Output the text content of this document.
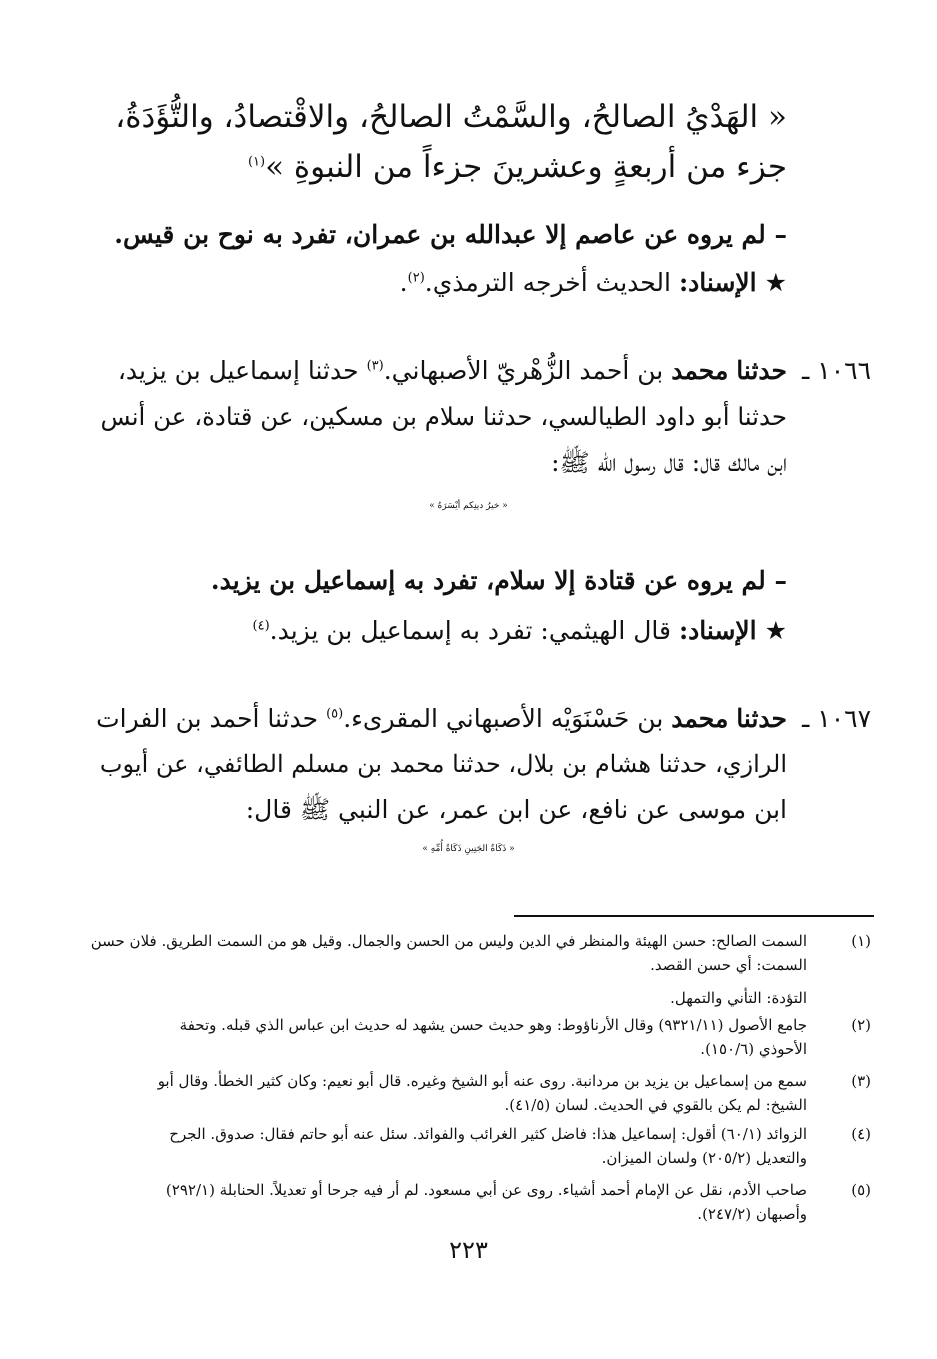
« الهَدْيُ الصالحُ، والسَّمْتُ الصالحُ، والاقْتصادُ، والتُّؤَدَةُ،
جزء من أربعةٍ وعشرينَ جزءاً من النبوةِ »$^{(١)}$
– لم يروه عن عاصم إلا عبدالله بن عمران، تفرد به نوح بن قيس.
★ الإسناد: الحديث أخرجه الترمذي.$^{(٢)}$.
١٠٦٦ ـ
حدثنا محمد بن أحمد الزُّهْريّ الأصبهاني.$^{(٣)}$ حدثنا إسماعيل بن يزيد،
حدثنا أبو داود الطيالسي، حدثنا سلام بن مسكين، عن قتادة، عن أنس
ابن مالك قال: قال رسول الله ﷺ:
« خيرُ دينِكم أيْسَرَهُ »
– لم يروه عن قتادة إلا سلام، تفرد به إسماعيل بن يزيد.
★ الإسناد: قال الهيثمي: تفرد به إسماعيل بن يزيد.$^{(٤)}$
١٠٦٧ ـ
حدثنا محمد بن حَسْنَوَيْه الأصبهاني المقرىء.$^{(٥)}$ حدثنا أحمد بن الفرات
الرازي، حدثنا هشام بن بلال، حدثنا محمد بن مسلم الطائفي، عن أيوب
ابن موسى عن نافع، عن ابن عمر، عن النبي ﷺ قال:
« ذَكَاةُ الجَنِينِ ذَكَاةُ أُمِّهِ »
(١)
السمت الصالح: حسن الهيئة والمنظر في الدين وليس من الحسن والجمال. وقيل هو من السمت الطريق. فلان حسن
السمت: أي حسن القصد.
التؤدة: التأني والتمهل.
(٢)
جامع الأصول (٩٣٢١/١١) وقال الأرناؤوط: وهو حديث حسن يشهد له حديث ابن عباس الذي قبله. وتحفة
الأحوذي (١٥٠/٦).
(٣)
سمع من إسماعيل بن يزيد بن مردانبة. روى عنه أبو الشيخ وغيره. قال أبو نعيم: وكان كثير الخطأ. وقال أبو
الشيخ: لم يكن بالقوي في الحديث. لسان (٤١/٥).
(٤)
الزوائد (٦٠/١) أقول: إسماعيل هذا: فاضل كثير الغرائب والفوائد. سئل عنه أبو حاتم فقال: صدوق. الجرح
والتعديل (٢٠٥/٢) ولسان الميزان.
(٥)
صاحب الأدم، نقل عن الإمام أحمد أشياء. روى عن أبي مسعود. لم أر فيه جرحا أو تعديلاً. الحنابلة (٢٩٢/١)
وأصبهان (٢٤٧/٢).
٢٢٣
